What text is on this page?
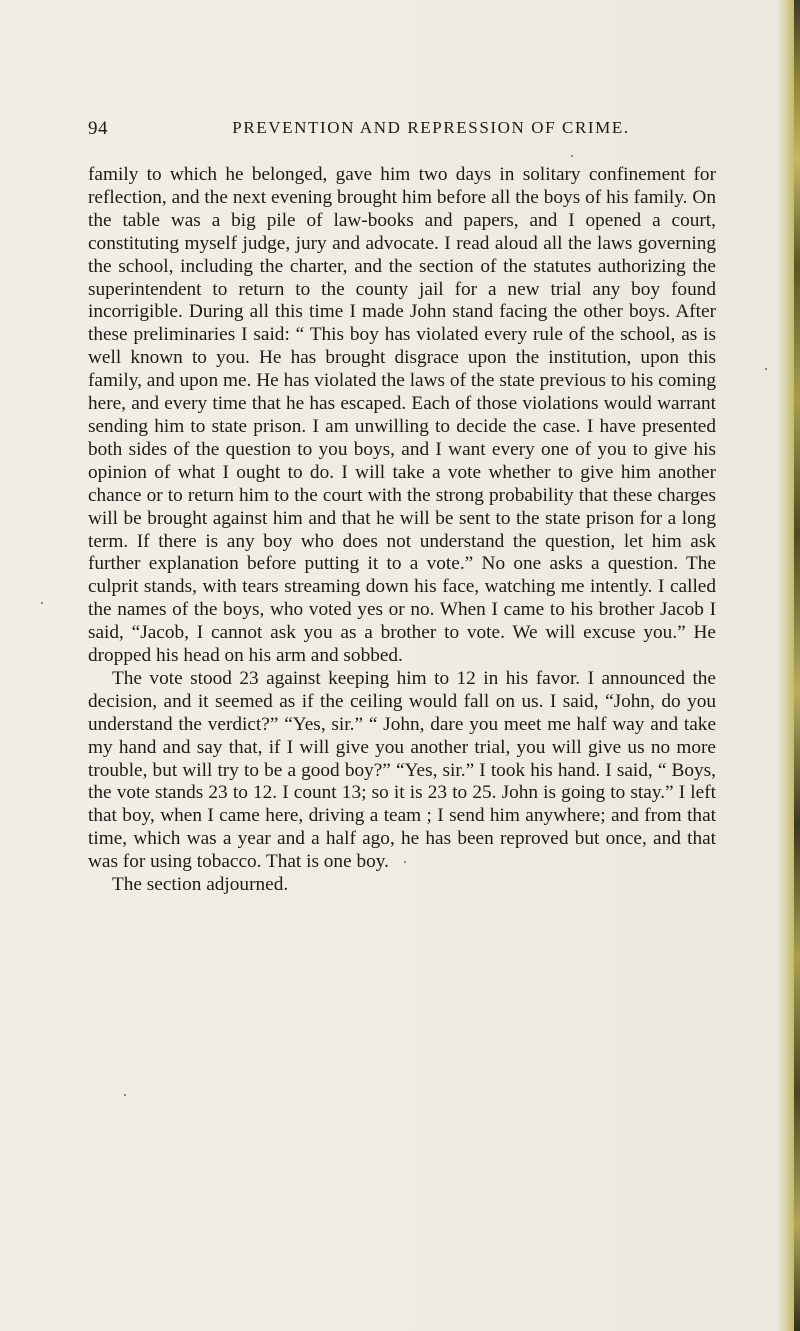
94	PREVENTION AND REPRESSION OF CRIME.

family to which he belonged, gave him two days in solitary confinement for reflection, and the next evening brought him before all the boys of his family. On the table was a big pile of law-books and papers, and I opened a court, constituting myself judge, jury and advocate. I read aloud all the laws governing the school, including the charter, and the section of the statutes authorizing the superintendent to return to the county jail for a new trial any boy found incorrigible. During all this time I made John stand facing the other boys. After these preliminaries I said: “ This boy has violated every rule of the school, as is well known to you. He has brought disgrace upon the institution, upon this family, and upon me. He has violated the laws of the state previous to his coming here, and every time that he has escaped. Each of those violations would warrant sending him to state prison. I am unwilling to decide the case. I have presented both sides of the question to you boys, and I want every one of you to give his opinion of what I ought to do. I will take a vote whether to give him another chance or to return him to the court with the strong probability that these charges will be brought against him and that he will be sent to the state prison for a long term. If there is any boy who does not understand the question, let him ask further explanation before putting it to a vote.” No one asks a question. The culprit stands, with tears streaming down his face, watching me intently. I called the names of the boys, who voted yes or no. When I came to his brother Jacob I said, “Jacob, I cannot ask you as a brother to vote. We will excuse you.” He dropped his head on his arm and sobbed.

The vote stood 23 against keeping him to 12 in his favor. I announced the decision, and it seemed as if the ceiling would fall on us. I said, “John, do you understand the verdict?” “Yes, sir.” “ John, dare you meet me half way and take my hand and say that, if I will give you another trial, you will give us no more trouble, but will try to be a good boy?” “Yes, sir.” I took his hand. I said, “ Boys, the vote stands 23 to 12. I count 13; so it is 23 to 25. John is going to stay.” I left that boy, when I came here, driving a team ; I send him anywhere; and from that time, which was a year and a half ago, he has been reproved but once, and that was for using tobacco. That is one boy.

The section adjourned.
